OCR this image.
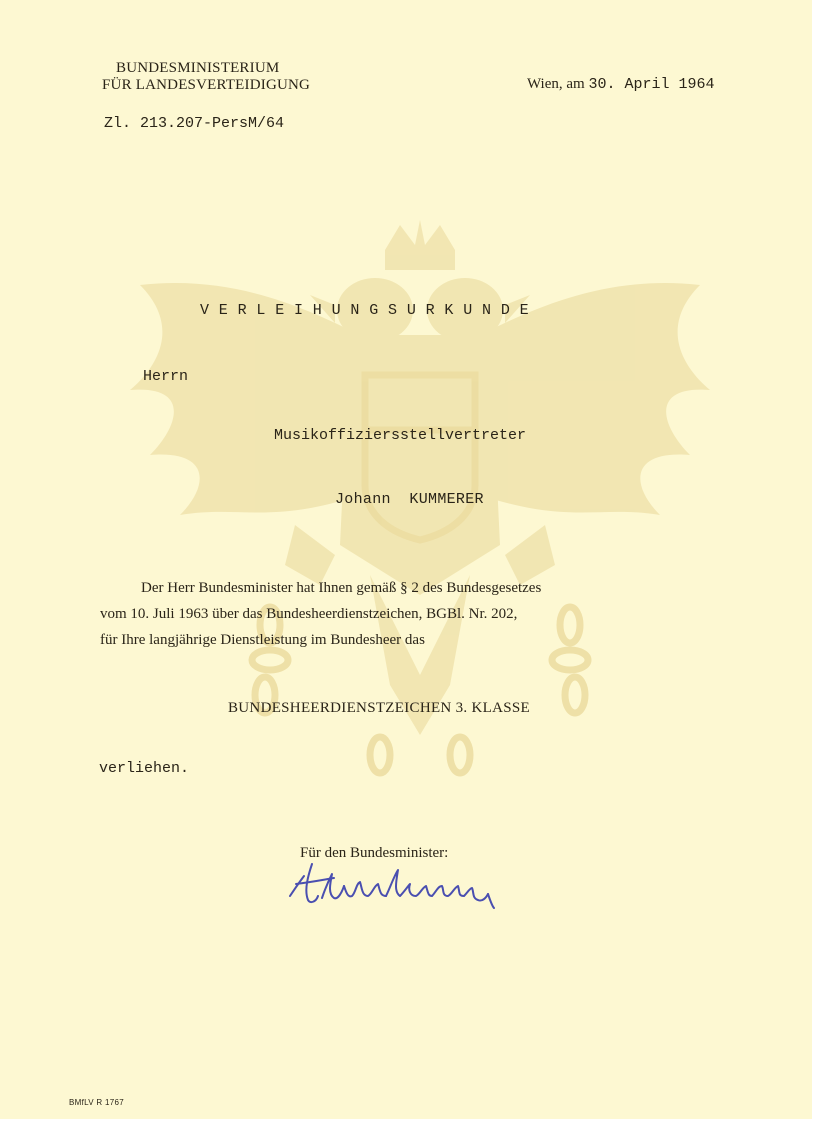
BUNDESMINISTERIUM
FÜR LANDESVERTEIDIGUNG	Wien, am 30. April 1964
Zl. 213.207-PersM/64
VERLEIHUNGSURKUNDE
Herrn
Musikoffiziersstellvertreter
Johann  KUMMERER
Der Herr Bundesminister hat Ihnen gemäß § 2 des Bundesgesetzes
vom 10. Juli 1963 über das Bundesheerdienstzeichen, BGBl. Nr. 202,
für Ihre langjährige Dienstleistung im Bundesheer das
BUNDESHEERDIENSTZEICHEN 3. KLASSE
verliehen.
Für den Bundesminister:
BMfLV R 1767
